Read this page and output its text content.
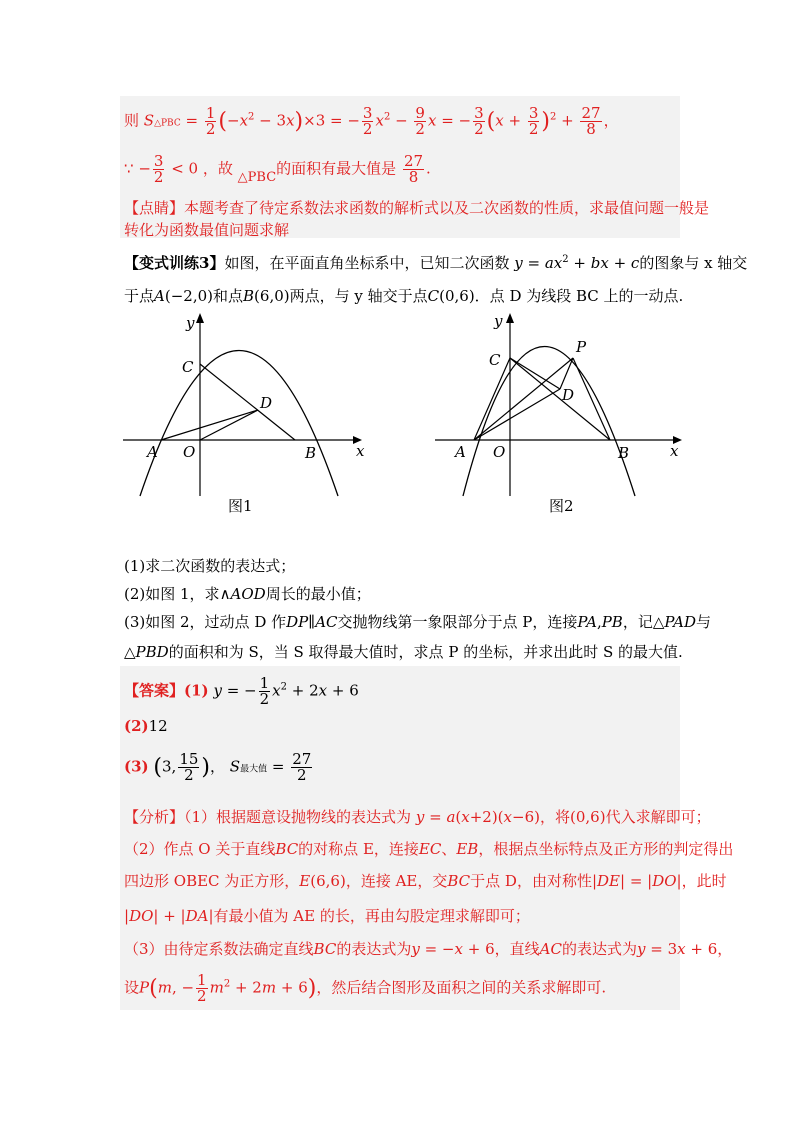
则 S△PBC = $\frac{1}{2} (-x^2 - 3x)\times 3$ = − $\frac{3}{2} x^2 - \frac{9}{2}$ x = − $\frac{3}{2} (x + \frac{3}{2} )^2 + \frac{27}{8}$ ，
∵ − $\frac{3}{2} < 0$ ，故 △PBC的面积有最大值是 $\frac{27}{8}$ .
【点睛】本题考查了待定系数法求函数的解析式以及二次函数的性质，求最值问题一般是
转化为函数最值问题求解
【变式训练3】如图，在平面直角坐标系中，已知二次函数 $y = ax^2$ + bx + c的图象与 x 轴交
于点A(−2,0)和点B(6,0)两点，与 y 轴交于点C(0,6)．点 D 为线段 BC 上的一动点.
y
x
A O	B
C
D
图1
y
x
A O	B
C
P
D
图2
(1)求二次函数的表达式；
(2)如图 1，求∧AOD周长的最小值；
(3)如图 2，过动点 D 作DP∥AC交抛物线第一象限部分于点 P，连接PA,PB，记△PAD与
△PBD的面积和为 S，当 S 取得最大值时，求点 P 的坐标，并求出此时 S 的最大值.
【答案】(1) y = − $\frac{1}{2} x^2 + 2x + 6$
(2)12
(3) (3, $\frac{15}{2}$ )， S最大值 = $\frac{27}{2}$
【分析】（1）根据题意设抛物线的表达式为 y = a(x+2)(x−6)，将(0,6)代入求解即可；
（2）作点 O 关于直线BC的对称点 E，连接EC、EB，根据点坐标特点及正方形的判定得出
四边形 OBEC 为正方形，E(6,6)，连接 AE，交BC于点 D，由对称性|DE| = |DO|，此时
|DO| + |DA|有最小值为 AE 的长，再由勾股定理求解即可；
（3）由待定系数法确定直线BC的表达式为y = −x + 6，直线AC的表达式为y = 3x + 6，
设P(m, − $\frac{1}{2} m^2 + 2m + 6$)，然后结合图形及面积之间的关系求解即可.
